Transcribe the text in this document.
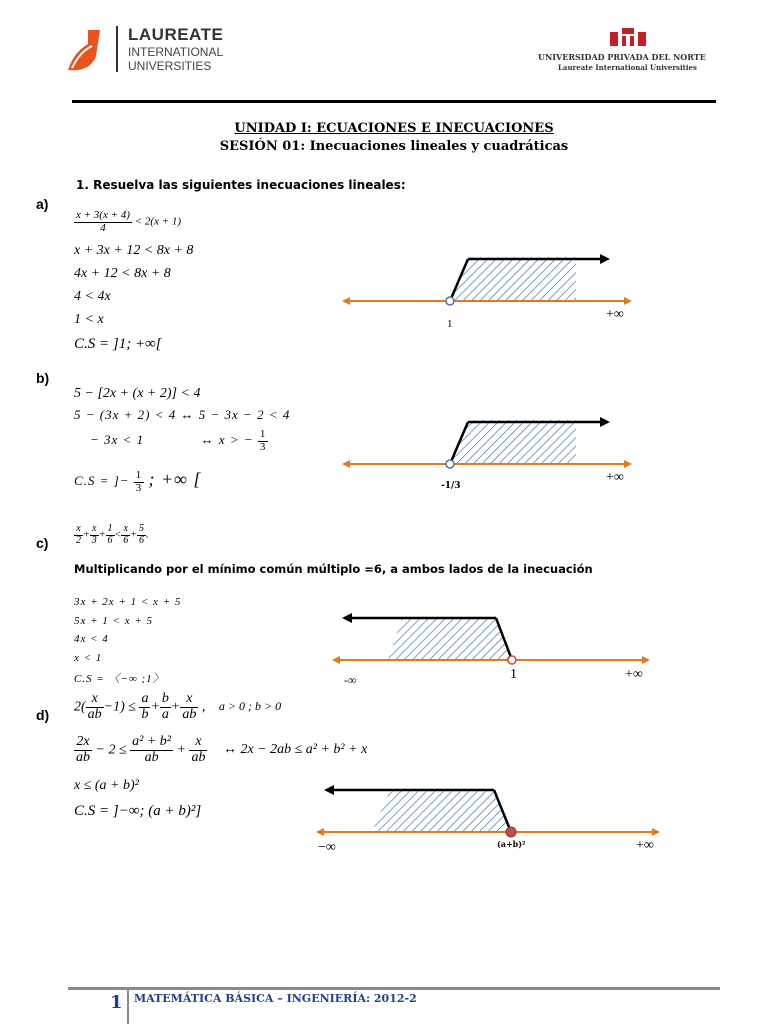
LAUREATE
INTERNATIONAL
UNIVERSITIES
UNIVERSIDAD PRIVADA DEL NORTE
Laureate International Universities
UNIDAD I: ECUACIONES E INECUACIONES
SESIÓN 01: Inecuaciones lineales y cuadráticas
1. Resuelva las siguientes inecuaciones lineales:
a)
$\frac{x + 3(x + 4)}{4} < 2(x + 1)$
x + 3x + 12 < 8x + 8
4x + 12 < 8x + 8
4 < 4x
1 < x
C.S = ]1; +∞[
1
+∞
b)
5 − [2x + (x + 2)] < 4
5 − (3x + 2) < 4 ↔ 5 − 3x − 2 < 4
− 3x < 1	↔ x > − $\frac{1}{3}$
C.S = ]− $\frac{1}{3}$ ; +∞ [	-1/3
+∞
c)	$\frac{x}{2} + \frac{x}{3} + \frac{1}{6} < \frac{x}{6} + \frac{5}{6}$ .
Multiplicando por el mínimo común múltiplo =6, a ambos lados de la inecuación
3x + 2x + 1 < x + 5
5x + 1 < x + 5
4x < 4
x < 1
C.S = 〈−∞ ;1〉	-∞	1	+∞
d)
$2( \frac{x}{ab} -1) \le \frac{a}{b} + \frac{b}{a} + \frac{x}{ab}$ , a > 0 ; b > 0
$\frac{2x}{ab} - 2 \le \frac{\text{a² + b²}}{ab} + \frac{x}{ab}$ ↔ 2x − 2ab ≤ a² + b² + x
x ≤ (a + b)²
C.S = ]−∞; (a + b)²]
−∞	(a+b)²	+∞
1 MATEMÁTICA BÁSICA – INGENIERÍA: 2012-2
